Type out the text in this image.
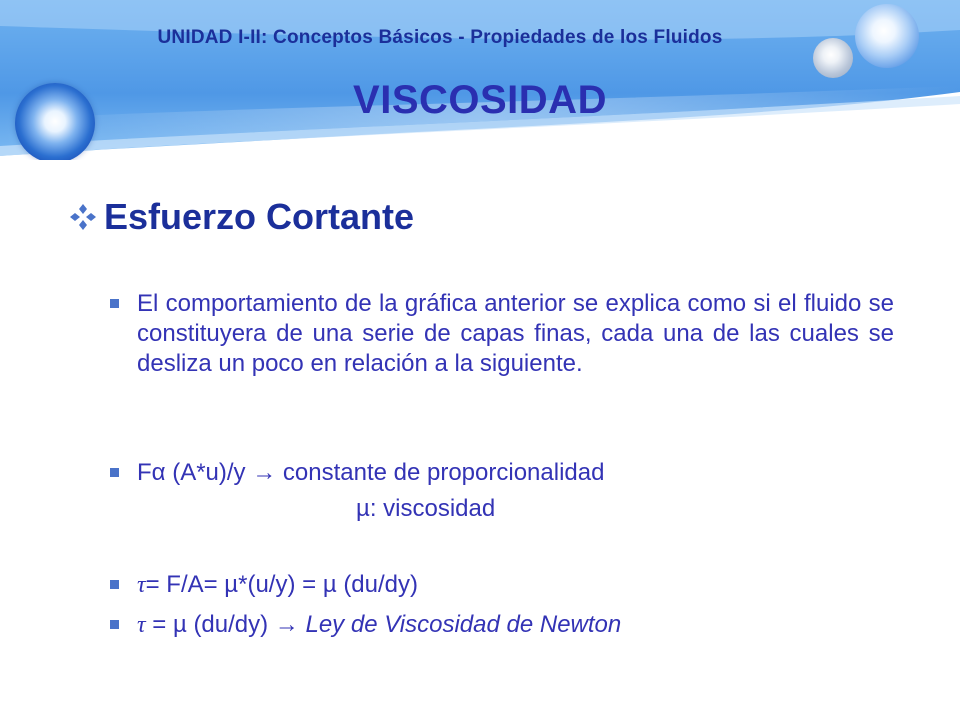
UNIDAD I-II: Conceptos Básicos - Propiedades de los Fluidos
VISCOSIDAD
Esfuerzo Cortante
El comportamiento de la gráfica anterior se explica como si el fluido se constituyera de una serie de capas finas, cada una de las cuales se desliza un poco en relación a la siguiente.
Fα (A*u)/y → constante de proporcionalidad
µ: viscosidad
τ= F/A= µ*(u/y) = µ (du/dy)
τ = µ (du/dy) → Ley de Viscosidad de Newton
